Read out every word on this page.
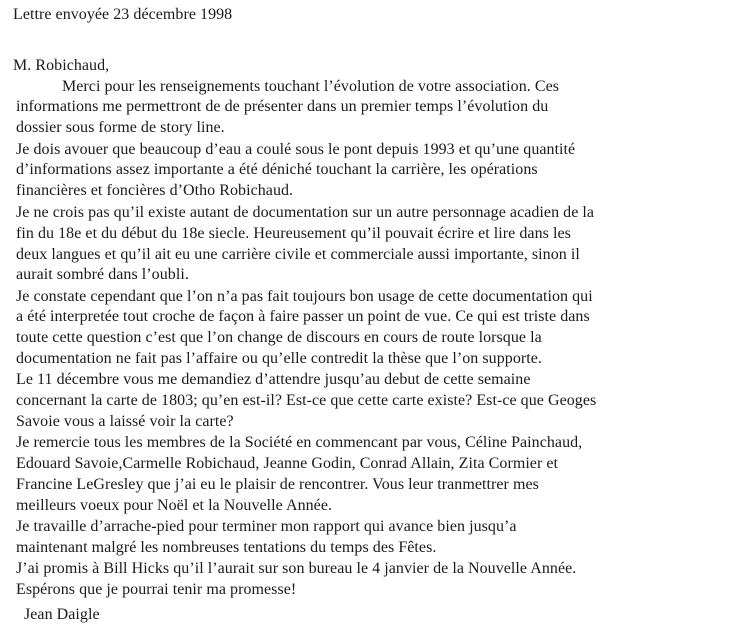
Lettre envoyée 23 décembre 1998
M. Robichaud,
Merci pour les renseignements touchant l’évolution de votre association. Ces
informations me permettront de de présenter dans un premier temps l’évolution du
dossier sous forme de story line.
Je dois avouer que beaucoup d’eau a coulé sous le pont depuis 1993 et qu’une quantité
d’informations assez importante a été déniché touchant la carrière, les opérations
financières et foncières d’Otho Robichaud.
Je ne crois pas qu’il existe autant de documentation sur un autre personnage acadien de la
fin du 18e et du début du 18e siecle. Heureusement qu’il pouvait écrire et lire dans les
deux langues et qu’il ait eu une carrière civile et commerciale aussi importante, sinon il
aurait sombré dans l’oubli.
Je constate cependant que l’on n’a pas fait toujours bon usage de cette documentation qui
a été interpretée tout croche de façon à faire passer un point de vue. Ce qui est triste dans
toute cette question c’est que l’on change de discours en cours de route lorsque la
documentation ne fait pas l’affaire ou qu’elle contredit la thèse que l’on supporte.
Le 11 décembre vous me demandiez d’attendre jusqu’au debut de cette semaine
concernant la carte de 1803; qu’en est-il? Est-ce que cette carte existe? Est-ce que Geoges
Savoie vous a laissé voir la carte?
Je remercie tous les membres de la Société en commencant par vous, Céline Painchaud,
Edouard Savoie,Carmelle Robichaud, Jeanne Godin, Conrad Allain, Zita Cormier et
Francine LeGresley que j’ai eu le plaisir de rencontrer. Vous leur tranmettrer mes
meilleurs voeux pour Noël et la Nouvelle Année.
Je travaille d’arrache-pied pour terminer mon rapport qui avance bien jusqu’a
maintenant malgré les nombreuses tentations du temps des Fêtes.
J’ai promis à Bill Hicks qu’il l’aurait sur son bureau le 4 janvier de la Nouvelle Année.
Espérons que je pourrai tenir ma promesse!
Jean Daigle
